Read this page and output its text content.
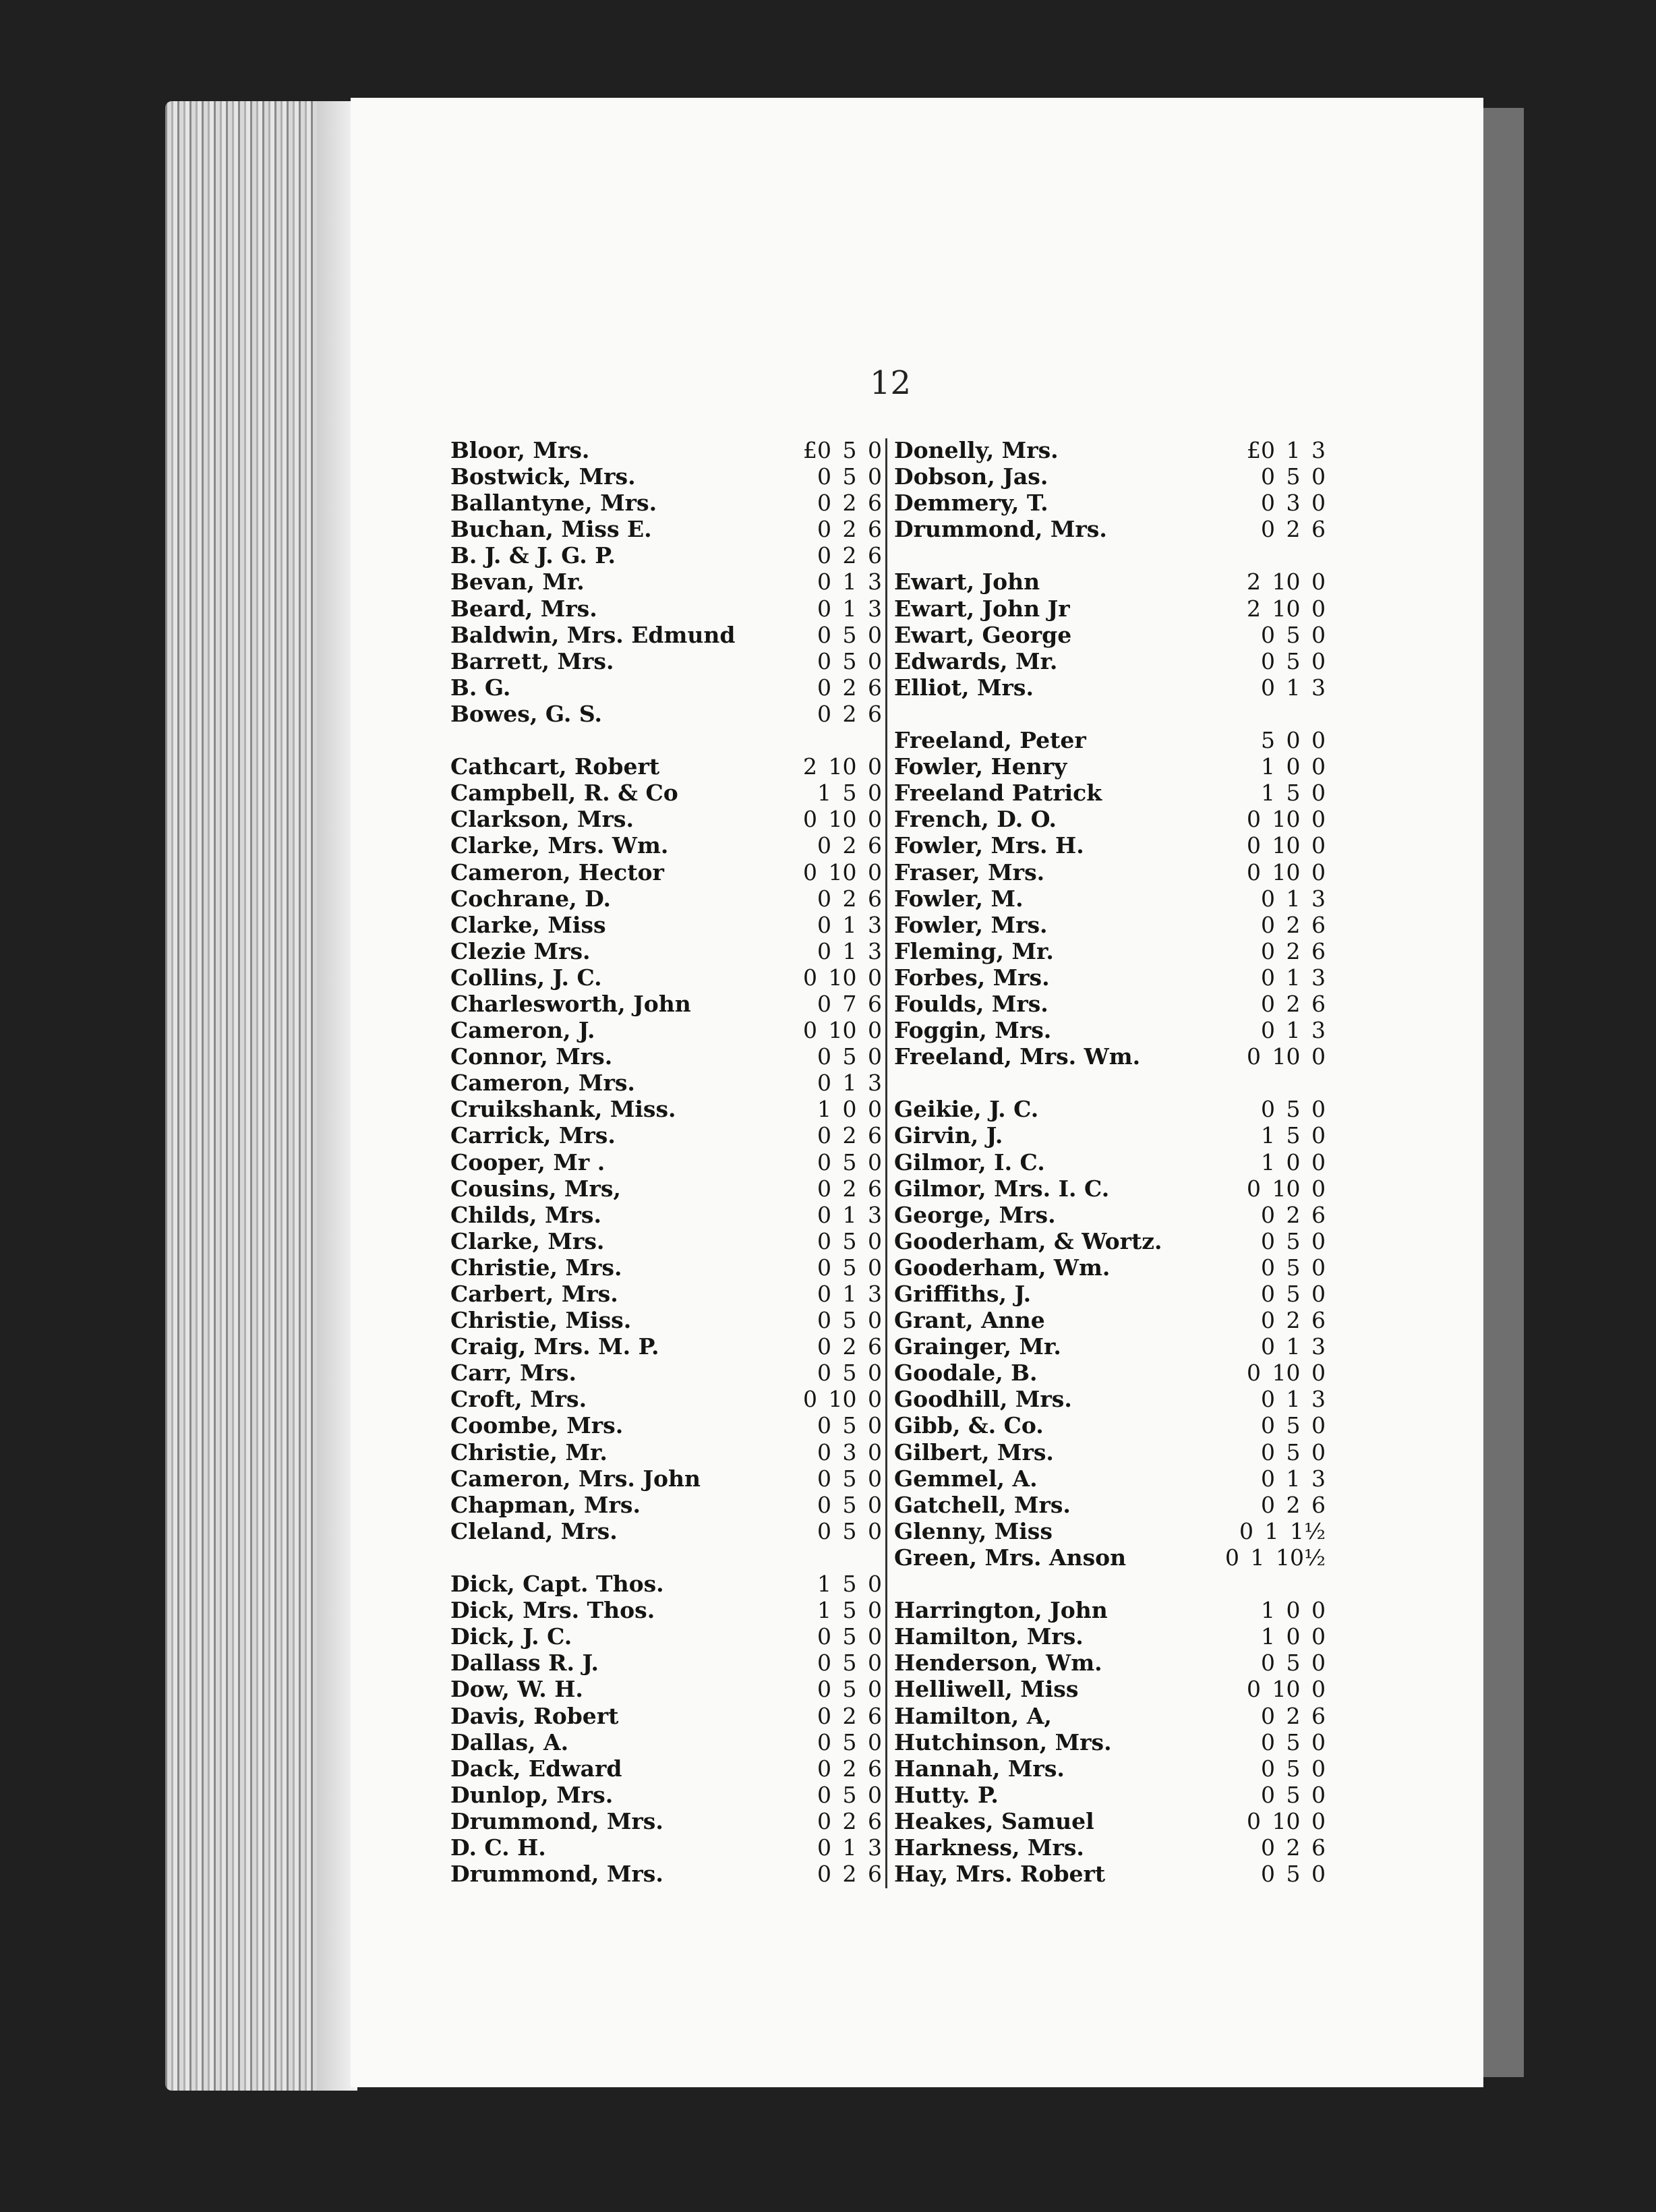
12
Bloor, Mrs.	£0 5 0
Bostwick, Mrs.	0 5 0
Ballantyne, Mrs.	0 2 6
Buchan, Miss E.	0 2 6
B. J. & J. G. P.	0 2 6
Bevan, Mr.	0 1 3
Beard, Mrs.	0 1 3
Baldwin, Mrs. Edmund	0 5 0
Barrett, Mrs.	0 5 0
B. G.	0 2 6
Bowes, G. S.	0 2 6
Cathcart, Robert	2 10 0
Campbell, R. & Co	1 5 0
Clarkson, Mrs.	0 10 0
Clarke, Mrs. Wm.	0 2 6
Cameron, Hector	0 10 0
Cochrane, D.	0 2 6
Clarke, Miss	0 1 3
Clezie Mrs.	0 1 3
Collins, J. C.	0 10 0
Charlesworth, John	0 7 6
Cameron, J.	0 10 0
Connor, Mrs.	0 5 0
Cameron, Mrs.	0 1 3
Cruikshank, Miss.	1 0 0
Carrick, Mrs.	0 2 6
Cooper, Mr .	0 5 0
Cousins, Mrs,	0 2 6
Childs, Mrs.	0 1 3
Clarke, Mrs.	0 5 0
Christie, Mrs.	0 5 0
Carbert, Mrs.	0 1 3
Christie, Miss.	0 5 0
Craig, Mrs. M. P.	0 2 6
Carr, Mrs.	0 5 0
Croft, Mrs.	0 10 0
Coombe, Mrs.	0 5 0
Christie, Mr.	0 3 0
Cameron, Mrs. John	0 5 0
Chapman, Mrs.	0 5 0
Cleland, Mrs.	0 5 0
Dick, Capt. Thos.	1 5 0
Dick, Mrs. Thos.	1 5 0
Dick, J. C.	0 5 0
Dallass R. J.	0 5 0
Dow, W. H.	0 5 0
Davis, Robert	0 2 6
Dallas, A.	0 5 0
Dack, Edward	0 2 6
Dunlop, Mrs.	0 5 0
Drummond, Mrs.	0 2 6
D. C. H.	0 1 3
Drummond, Mrs.	0 2 6
Donelly, Mrs.	£0 1 3
Dobson, Jas.	0 5 0
Demmery, T.	0 3 0
Drummond, Mrs.	0 2 6
Ewart, John	2 10 0
Ewart, John Jr	2 10 0
Ewart, George	0 5 0
Edwards, Mr.	0 5 0
Elliot, Mrs.	0 1 3
Freeland, Peter	5 0 0
Fowler, Henry	1 0 0
Freeland Patrick	1 5 0
French, D. O.	0 10 0
Fowler, Mrs. H.	0 10 0
Fraser, Mrs.	0 10 0
Fowler, M.	0 1 3
Fowler, Mrs.	0 2 6
Fleming, Mr.	0 2 6
Forbes, Mrs.	0 1 3
Foulds, Mrs.	0 2 6
Foggin, Mrs.	0 1 3
Freeland, Mrs. Wm.	0 10 0
Geikie, J. C.	0 5 0
Girvin, J.	1 5 0
Gilmor, I. C.	1 0 0
Gilmor, Mrs. I. C.	0 10 0
George, Mrs.	0 2 6
Gooderham, & Wortz.	0 5 0
Gooderham, Wm.	0 5 0
Griffiths, J.	0 5 0
Grant, Anne	0 2 6
Grainger, Mr.	0 1 3
Goodale, B.	0 10 0
Goodhill, Mrs.	0 1 3
Gibb, &. Co.	0 5 0
Gilbert, Mrs.	0 5 0
Gemmel, A.	0 1 3
Gatchell, Mrs.	0 2 6
Glenny, Miss	0 1 1½
Green, Mrs. Anson	0 1 10½
Harrington, John	1 0 0
Hamilton, Mrs.	1 0 0
Henderson, Wm.	0 5 0
Helliwell, Miss	0 10 0
Hamilton, A,	0 2 6
Hutchinson, Mrs.	0 5 0
Hannah, Mrs.	0 5 0
Hutty. P.	0 5 0
Heakes, Samuel	0 10 0
Harkness, Mrs.	0 2 6
Hay, Mrs. Robert	0 5 0
